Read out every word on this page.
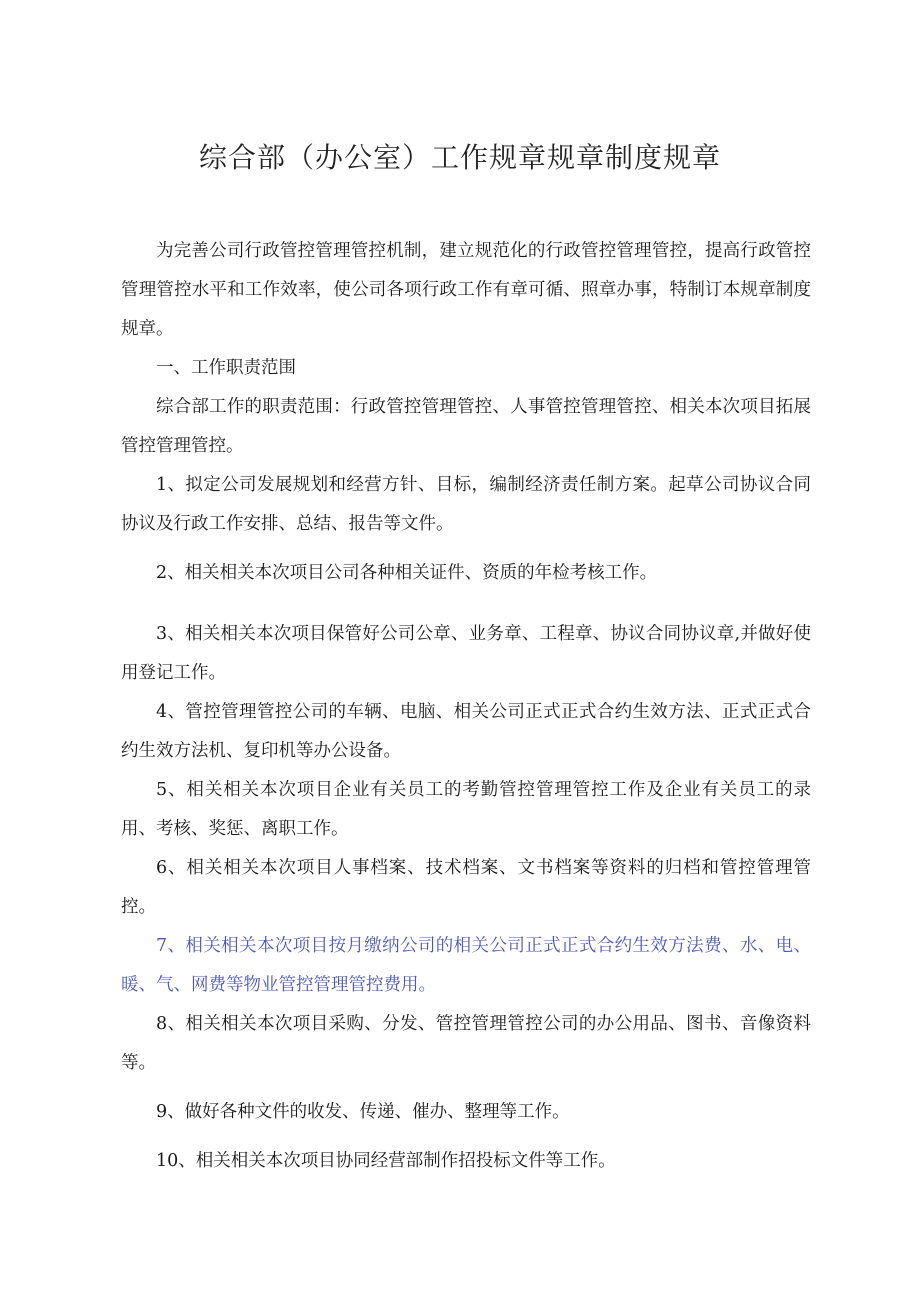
综合部（办公室）工作规章规章制度规章

为完善公司行政管控管理管控机制，建立规范化的行政管控管理管控，提高行政管控管理管控水平和工作效率，使公司各项行政工作有章可循、照章办事，特制订本规章制度规章。

一、工作职责范围

综合部工作的职责范围：行政管控管理管控、人事管控管理管控、相关本次项目拓展管控管理管控。

1、拟定公司发展规划和经营方针、目标，编制经济责任制方案。起草公司协议合同协议及行政工作安排、总结、报告等文件。

2、相关相关本次项目公司各种相关证件、资质的年检考核工作。

3、相关相关本次项目保管好公司公章、业务章、工程章、协议合同协议章,并做好使用登记工作。

4、管控管理管控公司的车辆、电脑、相关公司正式正式合约生效方法、正式正式合约生效方法机、复印机等办公设备。

5、相关相关本次项目企业有关员工的考勤管控管理管控工作及企业有关员工的录用、考核、奖惩、离职工作。

6、相关相关本次项目人事档案、技术档案、文书档案等资料的归档和管控管理管控。

7、相关相关本次项目按月缴纳公司的相关公司正式正式合约生效方法费、水、电、暖、气、网费等物业管控管理管控费用。

8、相关相关本次项目采购、分发、管控管理管控公司的办公用品、图书、音像资料等。

9、做好各种文件的收发、传递、催办、整理等工作。

10、相关相关本次项目协同经营部制作招投标文件等工作。
